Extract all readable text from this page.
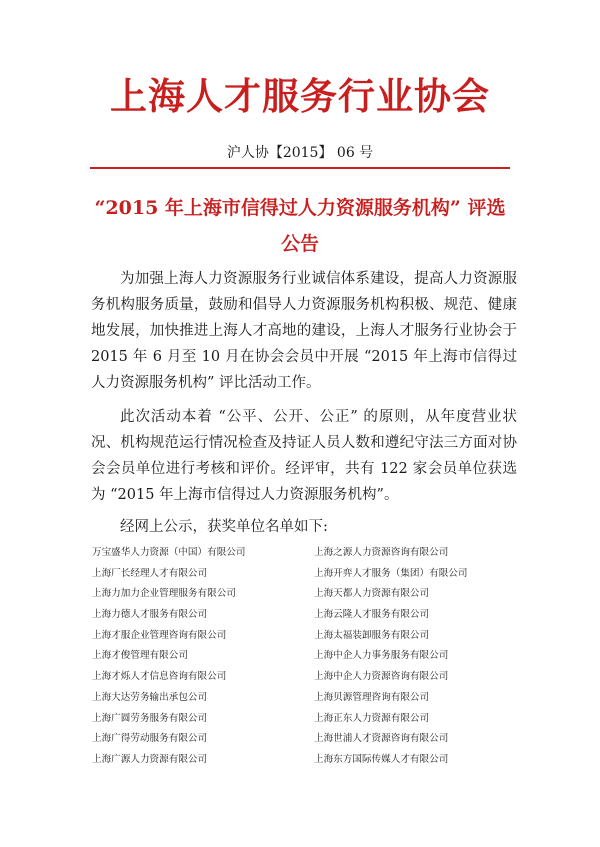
上海人才服务行业协会
沪人协【2015】 06 号
“2015 年上海市信得过人力资源服务机构” 评选
公告

为加强上海人力资源服务行业诚信体系建设，提高人力资源服务机构服务质量，鼓励和倡导人力资源服务机构积极、规范、健康地发展，加快推进上海人才高地的建设，上海人才服务行业协会于 2015 年 6 月至 10 月在协会会员中开展 “2015 年上海市信得过人力资源服务机构” 评比活动工作。

此次活动本着 “公平、公开、公正” 的原则，从年度营业状况、机构规范运行情况检查及持证人员人数和遵纪守法三方面对协会会员单位进行考核和评价。经评审，共有 122 家会员单位获选为 “2015 年上海市信得过人力资源服务机构”。

经网上公示，获奖单位名单如下:

万宝盛华人力资源（中国）有限公司
上海厂长经理人才有限公司
上海力加力企业管理服务有限公司
上海力德人才服务有限公司
上海才服企业管理咨询有限公司
上海才俊管理有限公司
上海才烁人才信息咨询有限公司
上海大达劳务输出承包公司
上海广圆劳务服务有限公司
上海广得劳动服务有限公司
上海广源人力资源有限公司
上海之源人力资源咨询有限公司
上海开弈人才服务（集团）有限公司
上海天都人力资源有限公司
上海云隆人才服务有限公司
上海太福装卸服务有限公司
上海中企人力事务服务有限公司
上海中企人力资源咨询有限公司
上海贝源管理咨询有限公司
上海正东人力资源有限公司
上海世浦人才资源咨询有限公司
上海东方国际传媒人才有限公司
